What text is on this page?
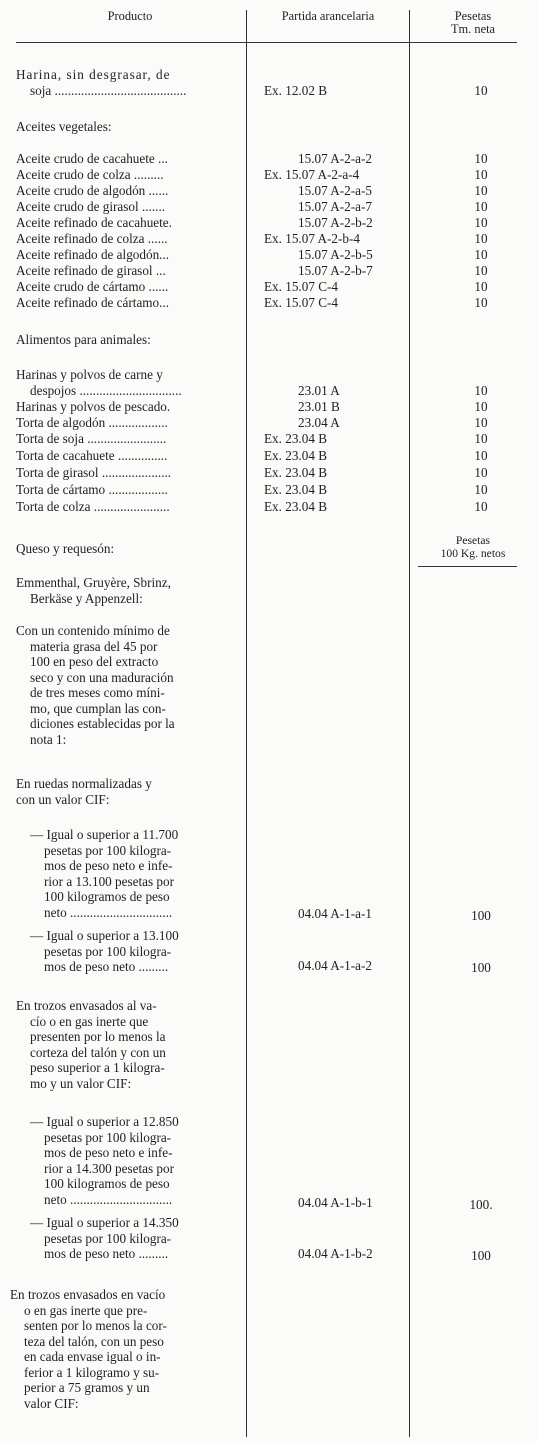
Producto	Partida arancelaria	Pesetas
Tm. neta
Harina, sin desgrasar, de
soja ........................................	Ex. 12.02 B	10
Aceites vegetales:
Aceite crudo de cacahuete ...	15.07 A-2-a-2	10
Aceite crudo de colza .........	Ex. 15.07 A-2-a-4	10
Aceite crudo de algodón ......	15.07 A-2-a-5	10
Aceite crudo de girasol .......	15.07 A-2-a-7	10
Aceite refinado de cacahuete.	15.07 A-2-b-2	10
Aceite refinado de colza ......	Ex. 15.07 A-2-b-4	10
Aceite refinado de algodón...	15.07 A-2-b-5	10
Aceite refinado de girasol ...	15.07 A-2-b-7	10
Aceite crudo de cártamo ......	Ex. 15.07 C-4	10
Aceite refinado de cártamo...	Ex. 15.07 C-4	10
Alimentos para animales:
Harinas y polvos de carne y
despojos ...............................	23.01 A	10
Harinas y polvos de pescado.	23.01 B	10
Torta de algodón ..................	23.04 A	10
Torta de soja ........................	Ex. 23.04 B	10
Torta de cacahuete ...............	Ex. 23.04 B	10
Torta de girasol .....................	Ex. 23.04 B	10
Torta de cártamo ..................	Ex. 23.04 B	10
Torta de colza .......................	Ex. 23.04 B	10
Queso y requesón:
Pesetas
100 Kg. netos
Emmenthal, Gruyère, Sbrinz,
Berkäse y Appenzell:
Con un contenido mínimo de
materia grasa del 45 por
100 en peso del extracto
seco y con una maduración
de tres meses como míni-
mo, que cumplan las con-
diciones establecidas por la
nota 1:
En ruedas normalizadas y
con un valor CIF:
— Igual o superior a 11.700
pesetas por 100 kilogra-
mos de peso neto e infe-
rior a 13.100 pesetas por
100 kilogramos de peso
neto ...............................	04.04 A-1-a-1	100
— Igual o superior a 13.100
pesetas por 100 kilogra-
mos de peso neto .........	04.04 A-1-a-2	100
En trozos envasados al va-
cío o en gas inerte que
presenten por lo menos la
corteza del talón y con un
peso superior a 1 kilogra-
mo y un valor CIF:
— Igual o superior a 12.850
pesetas por 100 kilogra-
mos de peso neto e infe-
rior a 14.300 pesetas por
100 kilogramos de peso
neto ...............................	04.04 A-1-b-1	100.
— Igual o superior a 14.350
pesetas por 100 kilogra-
mos de peso neto .........	04.04 A-1-b-2	100
En trozos envasados en vacío
o en gas inerte que pre-
senten por lo menos la cor-
teza del talón, con un peso
en cada envase igual o in-
ferior a 1 kilogramo y su-
perior a 75 gramos y un
valor CIF:
